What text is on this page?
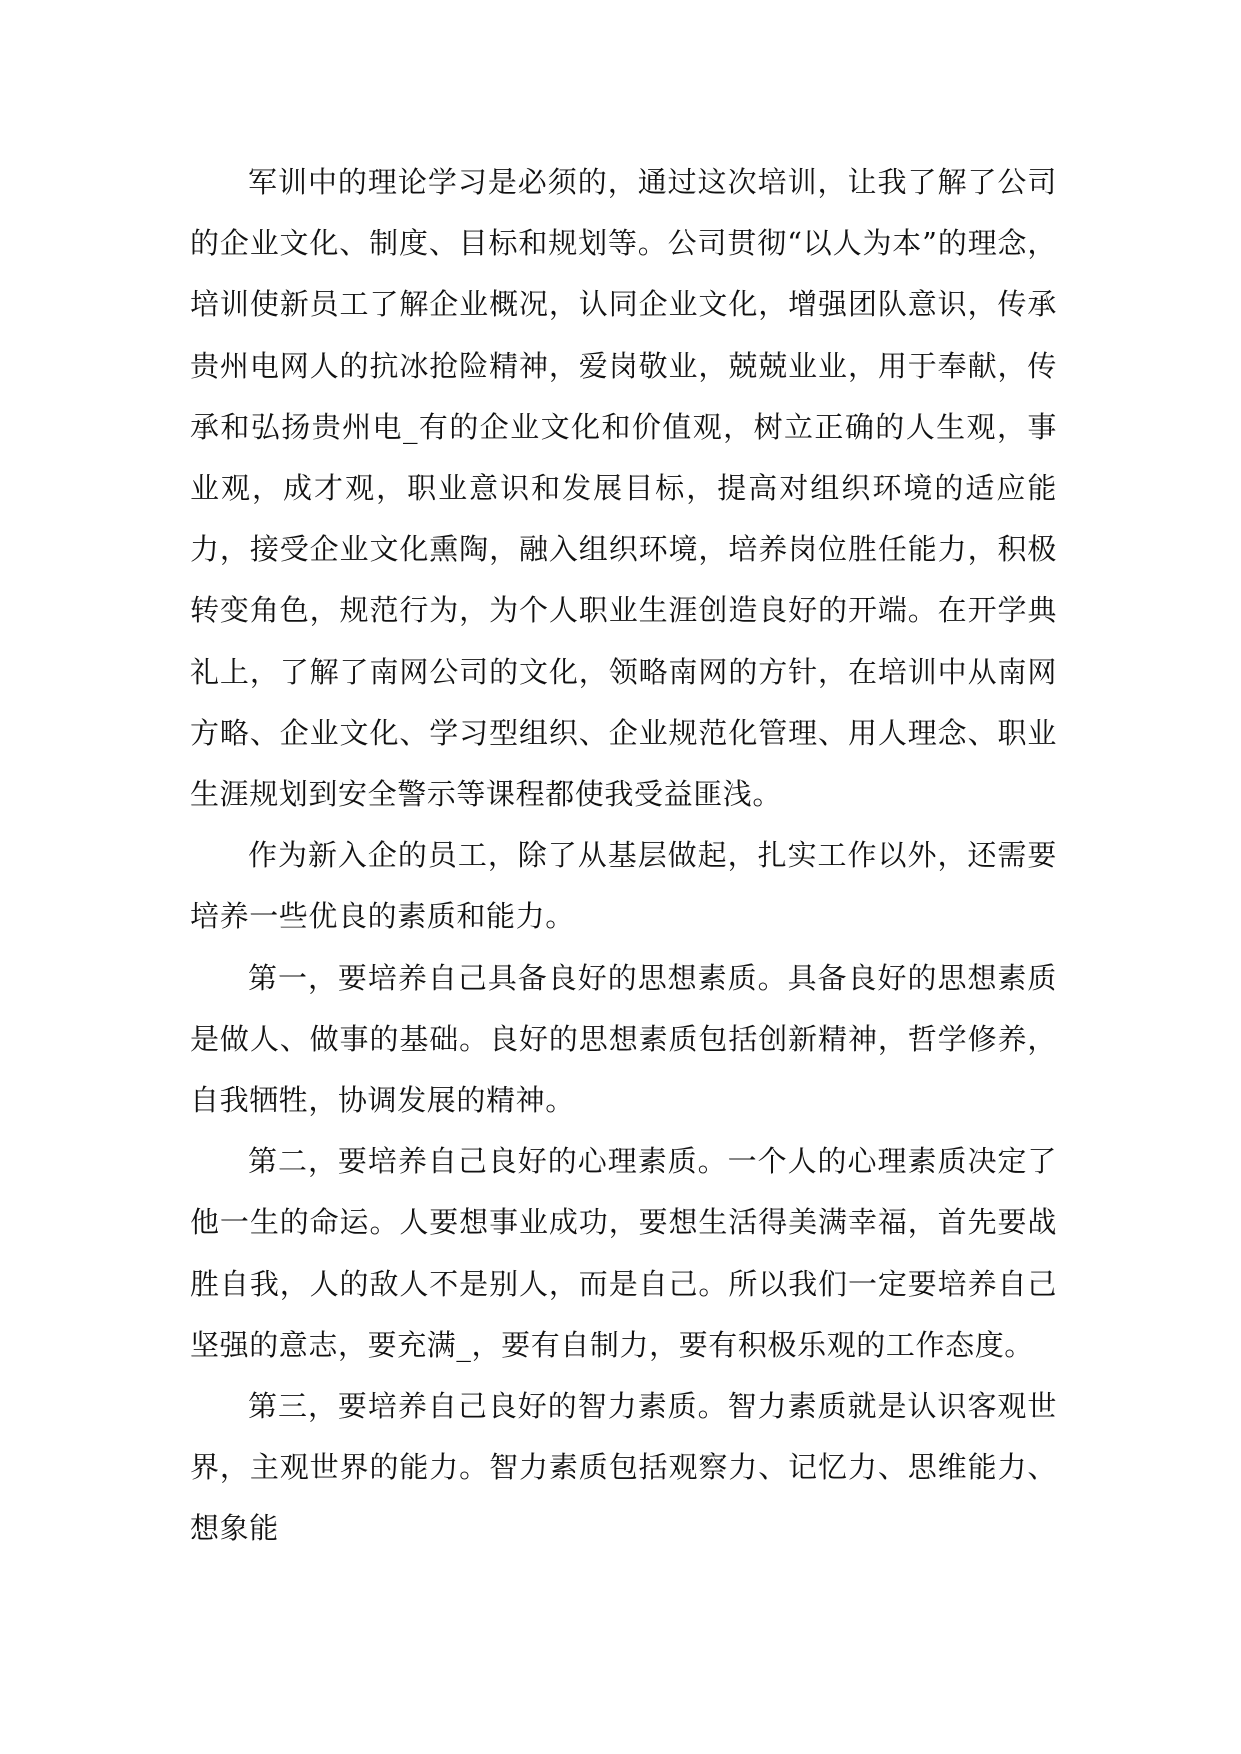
军训中的理论学习是必须的，通过这次培训，让我了解了公司的企业文化、制度、目标和规划等。公司贯彻“以人为本”的理念，培训使新员工了解企业概况，认同企业文化，增强团队意识，传承贵州电网人的抗冰抢险精神，爱岗敬业，兢兢业业，用于奉献，传承和弘扬贵州电_有的企业文化和价值观，树立正确的人生观，事业观，成才观，职业意识和发展目标，提高对组织环境的适应能力，接受企业文化熏陶，融入组织环境，培养岗位胜任能力，积极转变角色，规范行为，为个人职业生涯创造良好的开端。在开学典礼上，了解了南网公司的文化，领略南网的方针，在培训中从南网方略、企业文化、学习型组织、企业规范化管理、用人理念、职业生涯规划到安全警示等课程都使我受益匪浅。

作为新入企的员工，除了从基层做起，扎实工作以外，还需要培养一些优良的素质和能力。

第一，要培养自己具备良好的思想素质。具备良好的思想素质是做人、做事的基础。良好的思想素质包括创新精神，哲学修养，自我牺牲，协调发展的精神。

第二，要培养自己良好的心理素质。一个人的心理素质决定了他一生的命运。人要想事业成功，要想生活得美满幸福，首先要战胜自我，人的敌人不是别人，而是自己。所以我们一定要培养自己坚强的意志，要充满_，要有自制力，要有积极乐观的工作态度。

第三，要培养自己良好的智力素质。智力素质就是认识客观世界，主观世界的能力。智力素质包括观察力、记忆力、思维能力、想象能
